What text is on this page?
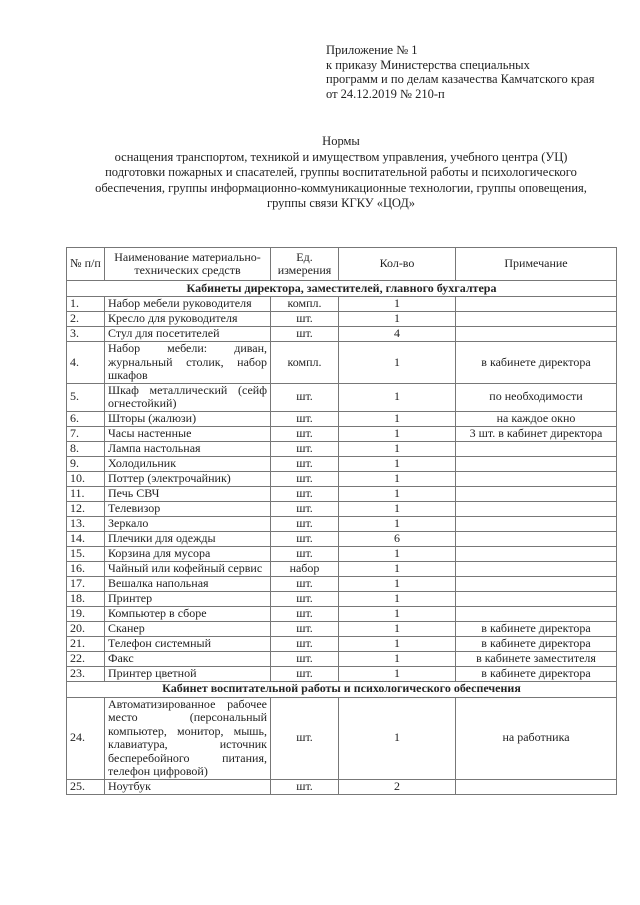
Приложение № 1
к приказу Министерства специальных
программ и по делам казачества Камчатского края
от 24.12.2019 № 210-п
Нормы
оснащения транспортом, техникой и имуществом управления, учебного центра (УЦ)
подготовки пожарных и спасателей, группы воспитательной работы и психологического
обеспечения, группы информационно-коммуникационные технологии, группы оповещения,
группы связи КГКУ «ЦОД»
№ п/п	Наименование материально-технических средств	Ед. измерения	Кол-во	Примечание
Кабинеты директора, заместителей, главного бухгалтера				
1.	Набор мебели руководителя	компл.	1	
2.	Кресло для руководителя	шт.	1	
3.	Стул для посетителей	шт.	4	
4.	Набор мебели: диван, журнальный столик, набор шкафов	компл.	1	в кабинете директора
5.	Шкаф металлический (сейф огнестойкий)	шт.	1	по необходимости
6.	Шторы (жалюзи)	шт.	1	на каждое окно
7.	Часы настенные	шт.	1	3 шт. в кабинет директора
8.	Лампа настольная	шт.	1	
9.	Холодильник	шт.	1	
10.	Поттер (электрочайник)	шт.	1	
11.	Печь СВЧ	шт.	1	
12.	Телевизор	шт.	1	
13.	Зеркало	шт.	1	
14.	Плечики для одежды	шт.	6	
15.	Корзина для мусора	шт.	1	
16.	Чайный или кофейный сервис	набор	1	
17.	Вешалка напольная	шт.	1	
18.	Принтер	шт.	1	
19.	Компьютер в сборе	шт.	1	
20.	Сканер	шт.	1	в кабинете директора
21.	Телефон системный	шт.	1	в кабинете директора
22.	Факс	шт.	1	в кабинете заместителя
23.	Принтер цветной	шт.	1	в кабинете директора
Кабинет воспитательной работы и психологического обеспечения				
24.	Автоматизированное рабочее место (персональный компьютер, монитор, мышь, клавиатура, источник бесперебойного питания, телефон цифровой)	шт.	1	на работника
25.	Ноутбук	шт.	2	
